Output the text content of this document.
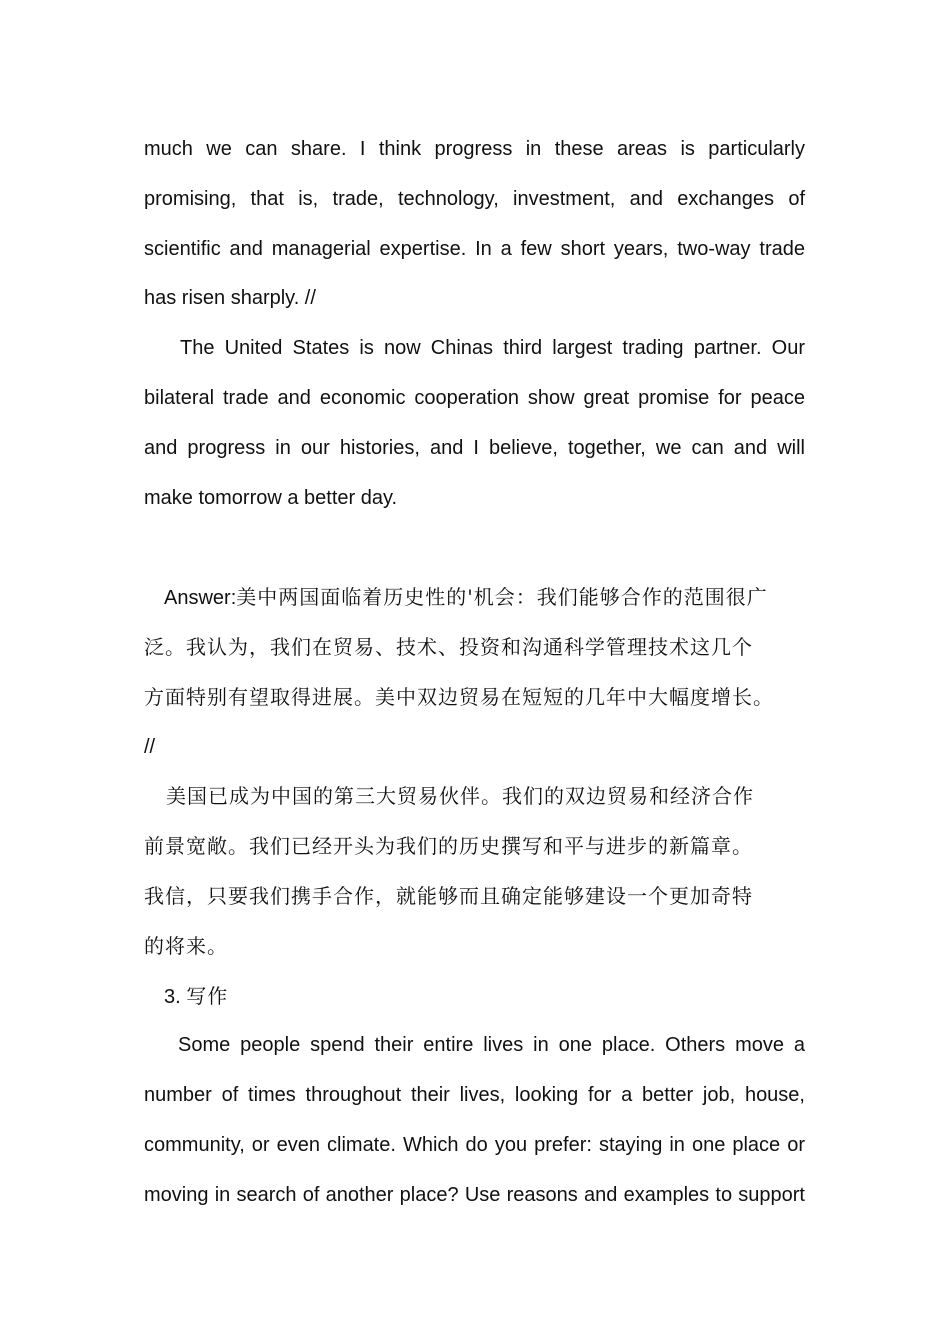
much we can share. I think progress in these areas is particularly
promising, that is, trade, technology, investment, and exchanges of
scientific and managerial expertise. In a few short years, two-way trade
has risen sharply. //
The United States is now Chinas third largest trading partner. Our
bilateral trade and economic cooperation show great promise for peace
and progress in our histories, and I believe, together, we can and will
make tomorrow a better day.
Answer:美中两国面临着历史性的'机会：我们能够合作的范围很广
泛。我认为，我们在贸易、技术、投资和沟通科学管理技术这几个
方面特别有望取得进展。美中双边贸易在短短的几年中大幅度增长。
//
美国已成为中国的第三大贸易伙伴。我们的双边贸易和经济合作
前景宽敞。我们已经开头为我们的历史撰写和平与进步的新篇章。
我信，只要我们携手合作，就能够而且确定能够建设一个更加奇特
的将来。
3. 写作
Some people spend their entire lives in one place. Others move a
number of times throughout their lives, looking for a better job, house,
community, or even climate. Which do you prefer: staying in one place or
moving in search of another place? Use reasons and examples to support
